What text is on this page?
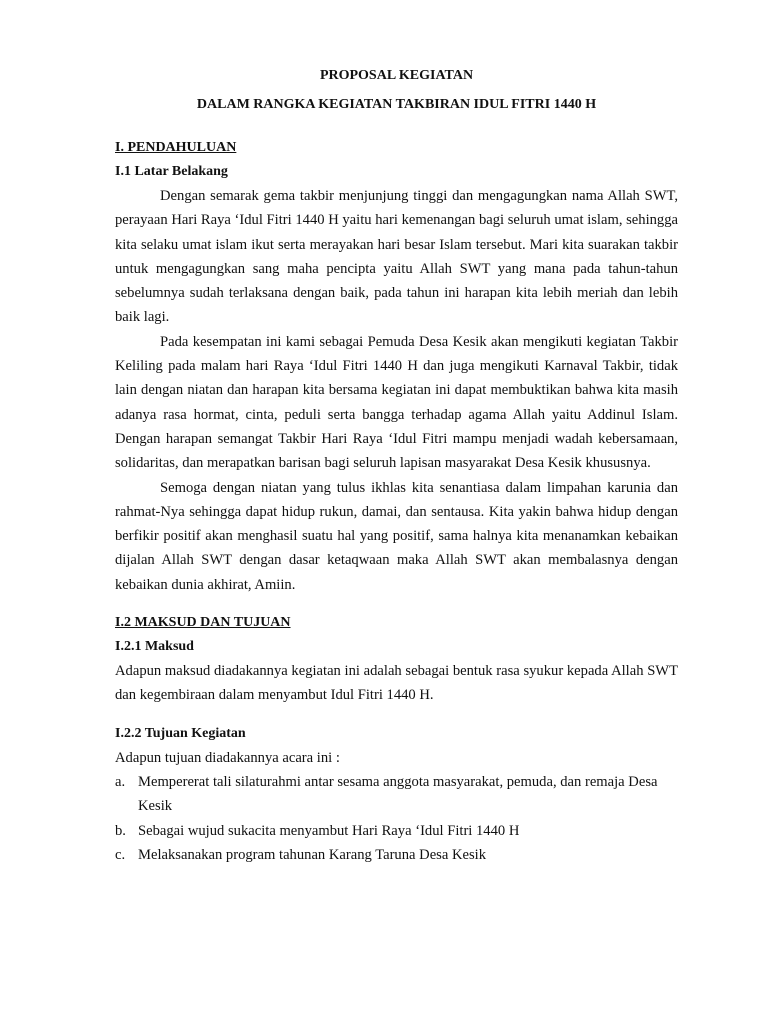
PROPOSAL KEGIATAN

DALAM RANGKA KEGIATAN TAKBIRAN IDUL FITRI 1440 H

I. PENDAHULUAN

I.1 Latar Belakang

Dengan semarak gema takbir menjunjung tinggi dan mengagungkan nama Allah SWT, perayaan Hari Raya ‘Idul Fitri 1440 H yaitu hari kemenangan bagi seluruh umat islam, sehingga kita selaku umat islam ikut serta merayakan hari besar Islam tersebut. Mari kita suarakan takbir untuk mengagungkan sang maha pencipta yaitu Allah SWT yang mana pada tahun-tahun sebelumnya sudah terlaksana dengan baik, pada tahun ini harapan kita lebih meriah dan lebih baik lagi.

Pada kesempatan ini kami sebagai Pemuda Desa Kesik akan mengikuti kegiatan Takbir Keliling pada malam hari Raya ‘Idul Fitri 1440 H dan juga mengikuti Karnaval Takbir, tidak lain dengan niatan dan harapan kita bersama kegiatan ini dapat membuktikan bahwa kita masih adanya rasa hormat, cinta, peduli serta bangga terhadap agama Allah yaitu Addinul Islam. Dengan harapan semangat Takbir Hari Raya ‘Idul Fitri mampu menjadi wadah kebersamaan, solidaritas, dan merapatkan barisan bagi seluruh lapisan masyarakat Desa Kesik khususnya.

Semoga dengan niatan yang tulus ikhlas kita senantiasa dalam limpahan karunia dan rahmat-Nya sehingga dapat hidup rukun, damai, dan sentausa. Kita yakin bahwa hidup dengan berfikir positif akan menghasil suatu hal yang positif, sama halnya kita menanamkan kebaikan dijalan Allah SWT dengan dasar ketaqwaan maka Allah SWT akan membalasnya dengan kebaikan dunia akhirat, Amiin.

I.2 MAKSUD DAN TUJUAN

I.2.1 Maksud

Adapun maksud diadakannya kegiatan ini adalah sebagai bentuk rasa syukur kepada Allah SWT dan kegembiraan dalam menyambut Idul Fitri 1440 H.

I.2.2 Tujuan Kegiatan

Adapun tujuan diadakannya acara ini :

a. Mempererat tali silaturahmi antar sesama anggota masyarakat, pemuda, dan remaja Desa Kesik
b. Sebagai wujud sukacita menyambut Hari Raya ‘Idul Fitri 1440 H
c. Melaksanakan program tahunan Karang Taruna Desa Kesik
